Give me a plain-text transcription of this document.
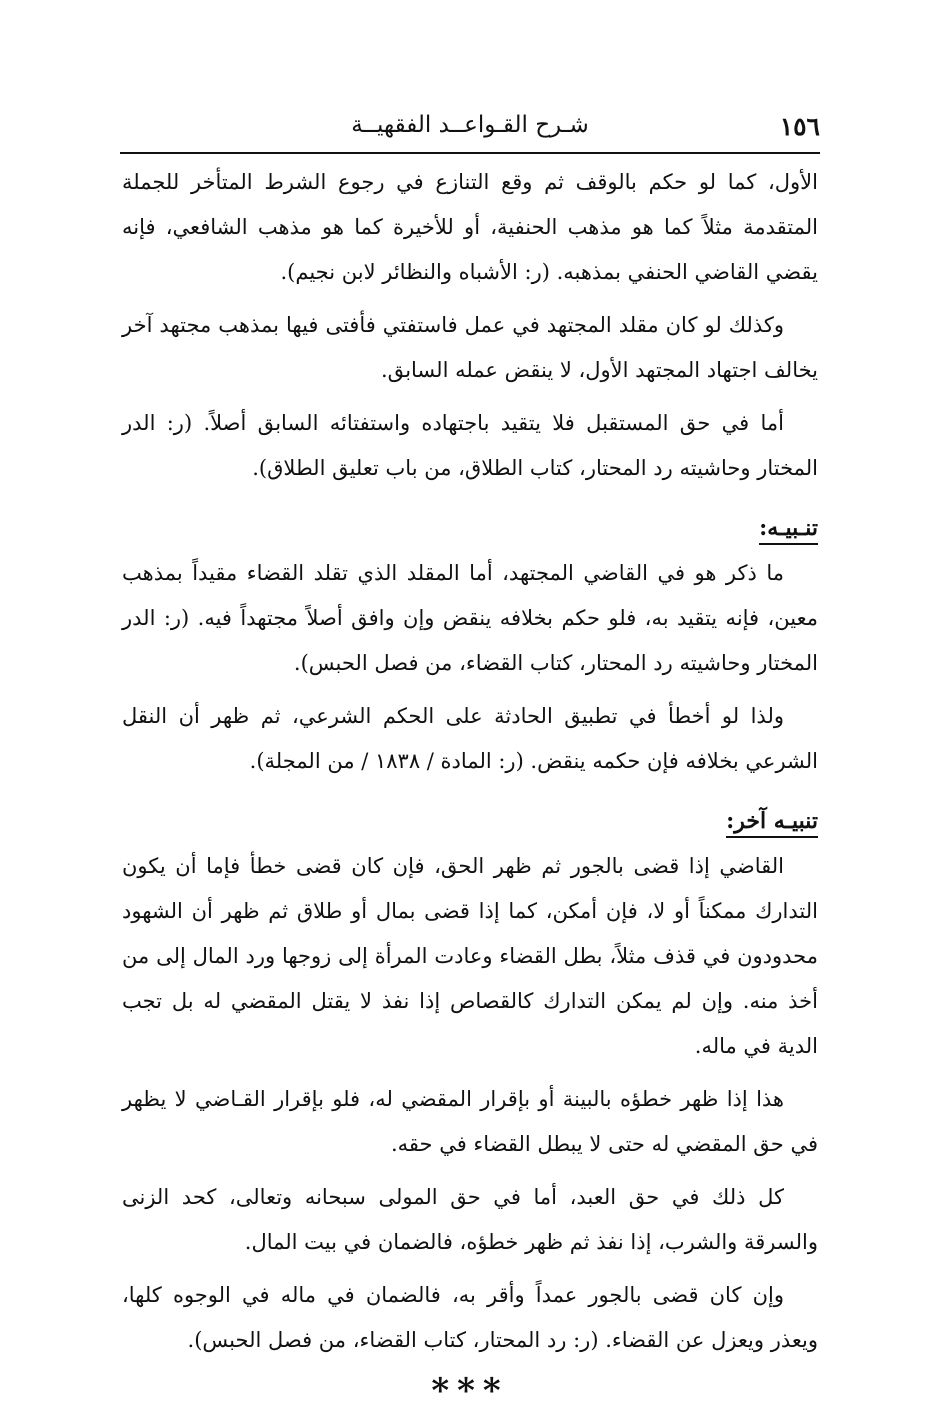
١٥٦
شـرح القـواعــد الفقهيــة

الأول، كما لو حكم بالوقف ثم وقع التنازع في رجوع الشرط المتأخر للجملة المتقدمة مثلاً كما هو مذهب الحنفية، أو للأخيرة كما هو مذهب الشافعي، فإنه يقضي القاضي الحنفي بمذهبه. (ر: الأشباه والنظائر لابن نجيم).

وكذلك لو كان مقلد المجتهد في عمل فاستفتي فأفتى فيها بمذهب مجتهد آخر يخالف اجتهاد المجتهد الأول، لا ينقض عمله السابق.

أما في حق المستقبل فلا يتقيد باجتهاده واستفتائه السابق أصلاً. (ر: الدر المختار وحاشيته رد المحتار، كتاب الطلاق، من باب تعليق الطلاق).

تنـبيـه:

ما ذكر هو في القاضي المجتهد، أما المقلد الذي تقلد القضاء مقيداً بمذهب معين، فإنه يتقيد به، فلو حكم بخلافه ينقض وإن وافق أصلاً مجتهداً فيه. (ر: الدر المختار وحاشيته رد المحتار، كتاب القضاء، من فصل الحبس).

ولذا لو أخطأ في تطبيق الحادثة على الحكم الشرعي، ثم ظهر أن النقل الشرعي بخلافه فإن حكمه ينقض. (ر: المادة / ١٨٣٨ / من المجلة).

تنبيـه آخر:

القاضي إذا قضى بالجور ثم ظهر الحق، فإن كان قضى خطأ فإما أن يكون التدارك ممكناً أو لا، فإن أمكن، كما إذا قضى بمال أو طلاق ثم ظهر أن الشهود محدودون في قذف مثلاً، بطل القضاء وعادت المرأة إلى زوجها ورد المال إلى من أخذ منه. وإن لم يمكن التدارك كالقصاص إذا نفذ لا يقتل المقضي له بل تجب الدية في ماله.

هذا إذا ظهر خطؤه بالبينة أو بإقرار المقضي له، فلو بإقرار القـاضي لا يظهر في حق المقضي له حتى لا يبطل القضاء في حقه.

كل ذلك في حق العبد، أما في حق المولى سبحانه وتعالى، كحد الزنى والسرقة والشرب، إذا نفذ ثم ظهر خطؤه، فالضمان في بيت المال.

وإن كان قضى بالجور عمداً وأقر به، فالضمان في ماله في الوجوه كلها، ويعذر ويعزل عن القضاء. (ر: رد المحتار، كتاب القضاء، من فصل الحبس).

***
